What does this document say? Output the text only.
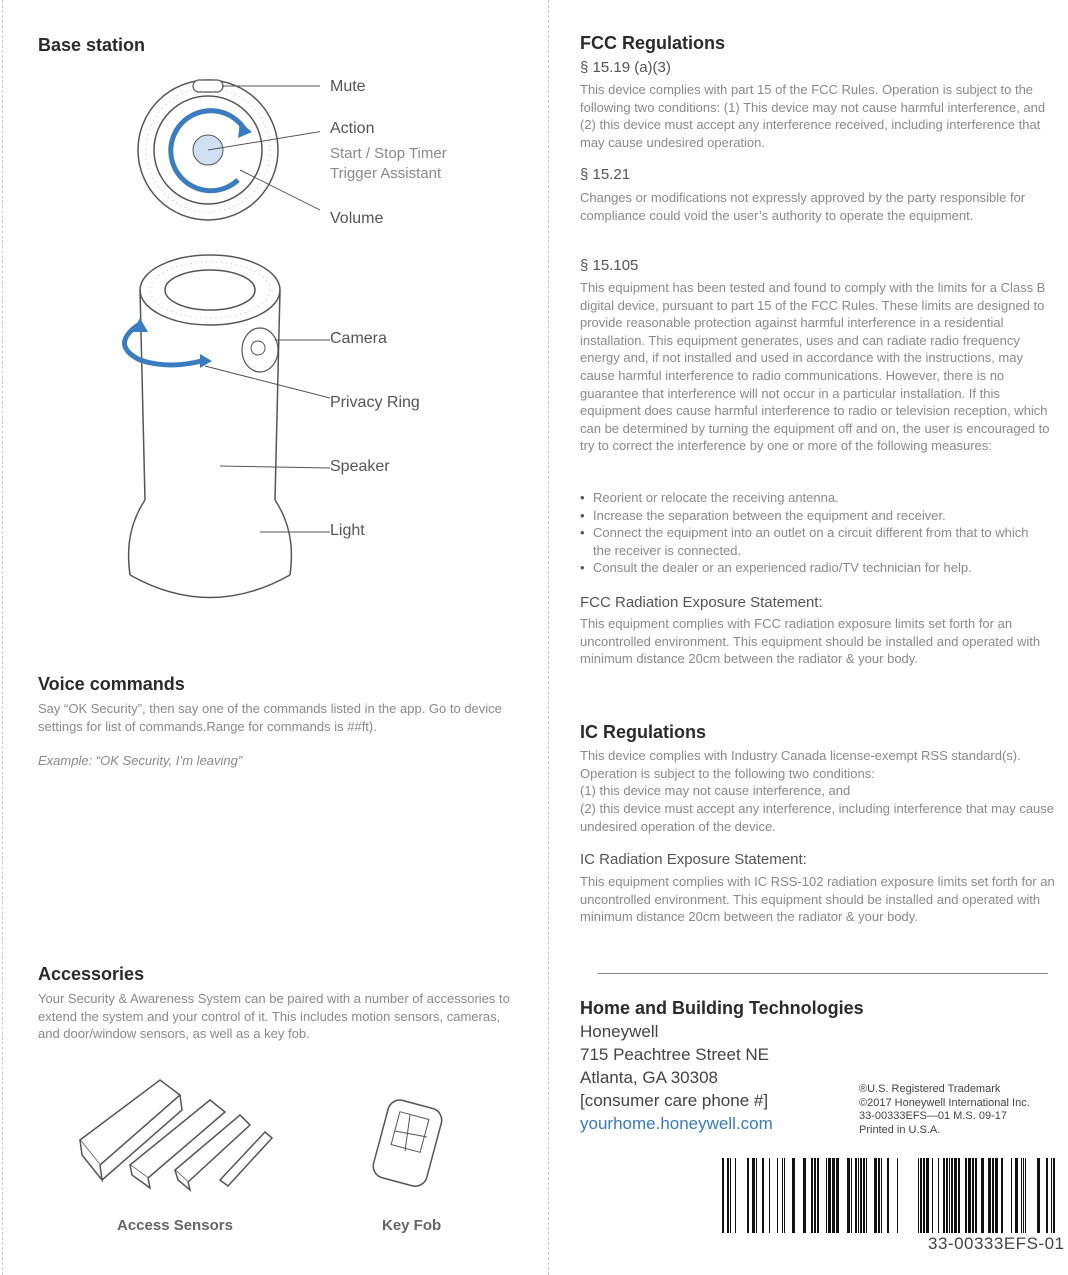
Base station
Mute
Action
Start / Stop Timer
Trigger Assistant
Volume
Camera
Privacy Ring
Speaker
Light
Voice commands
Say “OK Security”, then say one of the commands listed in the app. Go to device settings for list of commands.Range for commands is ##ft).
Example: “OK Security, I’m leaving”
Accessories
Your Security & Awareness System can be paired with a number of accessories to extend the system and your control of it. This includes motion sensors, cameras, and door/window sensors, as well as a key fob.
Access Sensors	Key Fob
FCC Regulations
§ 15.19 (a)(3)
This device complies with part 15 of the FCC Rules. Operation is subject to the following two conditions: (1) This device may not cause harmful interference, and (2) this device must accept any interference received, including interference that may cause undesired operation.
§ 15.21
Changes or modifications not expressly approved by the party responsible for compliance could void the user’s authority to operate the equipment.
§ 15.105
This equipment has been tested and found to comply with the limits for a Class B digital device, pursuant to part 15 of the FCC Rules. These limits are designed to provide reasonable protection against harmful interference in a residential installation. This equipment generates, uses and can radiate radio frequency energy and, if not installed and used in accordance with the instructions, may cause harmful interference to radio communications. However, there is no guarantee that interference will not occur in a particular installation. If this equipment does cause harmful interference to radio or television reception, which can be determined by turning the equipment off and on, the user is encouraged to try to correct the interference by one or more of the following measures:
• Reorient or relocate the receiving antenna.
• Increase the separation between the equipment and receiver.
• Connect the equipment into an outlet on a circuit different from that to which the receiver is connected.
• Consult the dealer or an experienced radio/TV technician for help.
FCC Radiation Exposure Statement:
This equipment complies with FCC radiation exposure limits set forth for an uncontrolled environment. This equipment should be installed and operated with minimum distance 20cm between the radiator & your body.
IC Regulations
This device complies with Industry Canada license-exempt RSS standard(s). Operation is subject to the following two conditions:
(1) this device may not cause interference, and
(2) this device must accept any interference, including interference that may cause undesired operation of the device.
IC Radiation Exposure Statement:
This equipment complies with IC RSS-102 radiation exposure limits set forth for an uncontrolled environment. This equipment should be installed and operated with minimum distance 20cm between the radiator & your body.
Home and Building Technologies
Honeywell
715 Peachtree Street NE
Atlanta, GA 30308
[consumer care phone #]
yourhome.honeywell.com
®U.S. Registered Trademark
©2017 Honeywell International Inc.
33-00333EFS—01 M.S. 09-17
Printed in U.S.A.
33-00333EFS-01
